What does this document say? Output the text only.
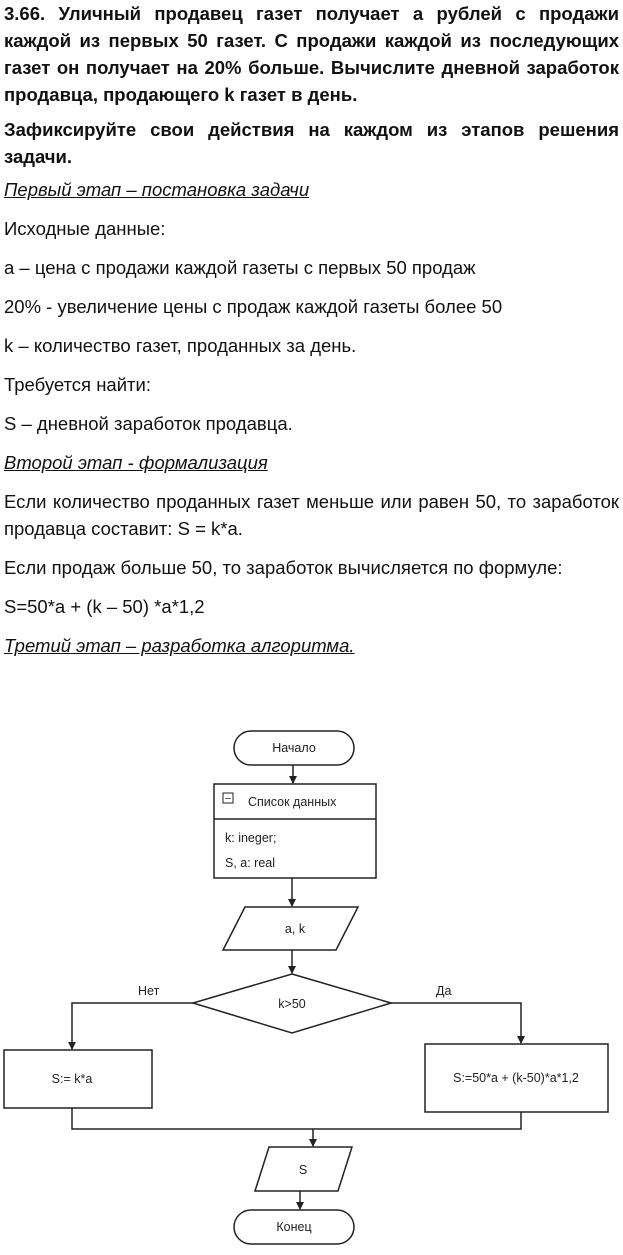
3.66. Уличный продавец газет получает а рублей с продажи каждой из первых 50 газет. С продажи каждой из последующих газет он получает на 20% больше. Вычислите дневной заработок продавца, продающего k газет в день.

Зафиксируйте свои действия на каждом из этапов решения задачи.

Первый этап – постановка задачи

Исходные данные:

a – цена с продажи каждой газеты с первых 50 продаж

20% - увеличение цены с продаж каждой газеты более 50

k – количество газет, проданных за день.

Требуется найти:

S – дневной заработок продавца.

Второй этап - формализация

Если количество проданных газет меньше или равен 50, то заработок продавца составит: S = k*a.

Если продаж больше 50, то заработок вычисляется по формуле:

S=50*a + (k – 50) *a*1,2

Третий этап – разработка алгоритма.

Начало
− Список данных
k: ineger;
S, a: real
a, k
k>50
Нет	Да
S:= k*a	S:=50*a + (k-50)*a*1,2
S
Конец
